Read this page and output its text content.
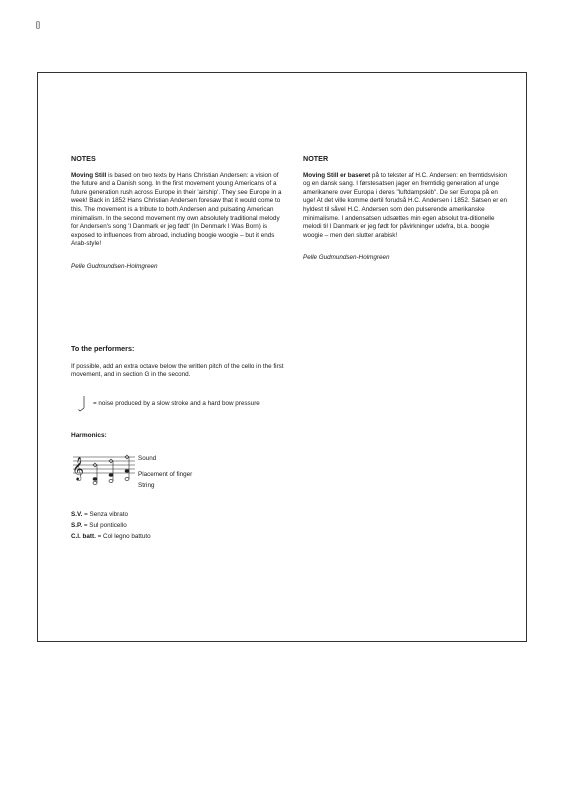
[]
NOTES

Moving Still is based on two texts by Hans Christian Andersen: a vision of the future and a Danish song. In the first movement young Americans of a future generation rush across Europe in their 'airship'. They see Europe in a week! Back in 1852 Hans Christian Andersen foresaw that it would come to this. The movement is a tribute to both Andersen and pulsating American minimalism. In the second movement my own absolutely traditional melody for Andersen's song 'I Danmark er jeg født' (In Denmark I Was Born) is exposed to influences from abroad, including boogie woogie – but it ends Arab-style!

Pelle Gudmundsen-Holmgreen

NOTER

Moving Still er baseret på to tekster af H.C. Andersen: en fremtidsvision og en dansk sang. I førstesatsen jager en fremtidig generation af unge amerikanere over Europa i deres "luftdampskib". De ser Europa på en uge! At det ville komme dertil forudså H.C. Andersen i 1852. Satsen er en hyldest til såvel H.C. Andersen som den pulserende amerikanske minimalisme. I andensatsen udsættes min egen absolut tra-ditionelle melodi til I Danmark er jeg født for påvirkninger udefra, bl.a. boogie woogie – men den slutter arabisk!

Pelle Gudmundsen-Holmgreen

To the performers:

If possible, add an extra octave below the written pitch of the cello in the first movement, and in section G in the second.

= noise produced by a slow stroke and a hard bow pressure
Harmonics:
𝄞	Sound
Placement of finger
String
S.V. = Senza vibrato
S.P. = Sul ponticello
C.l. batt. = Col legno battuto
